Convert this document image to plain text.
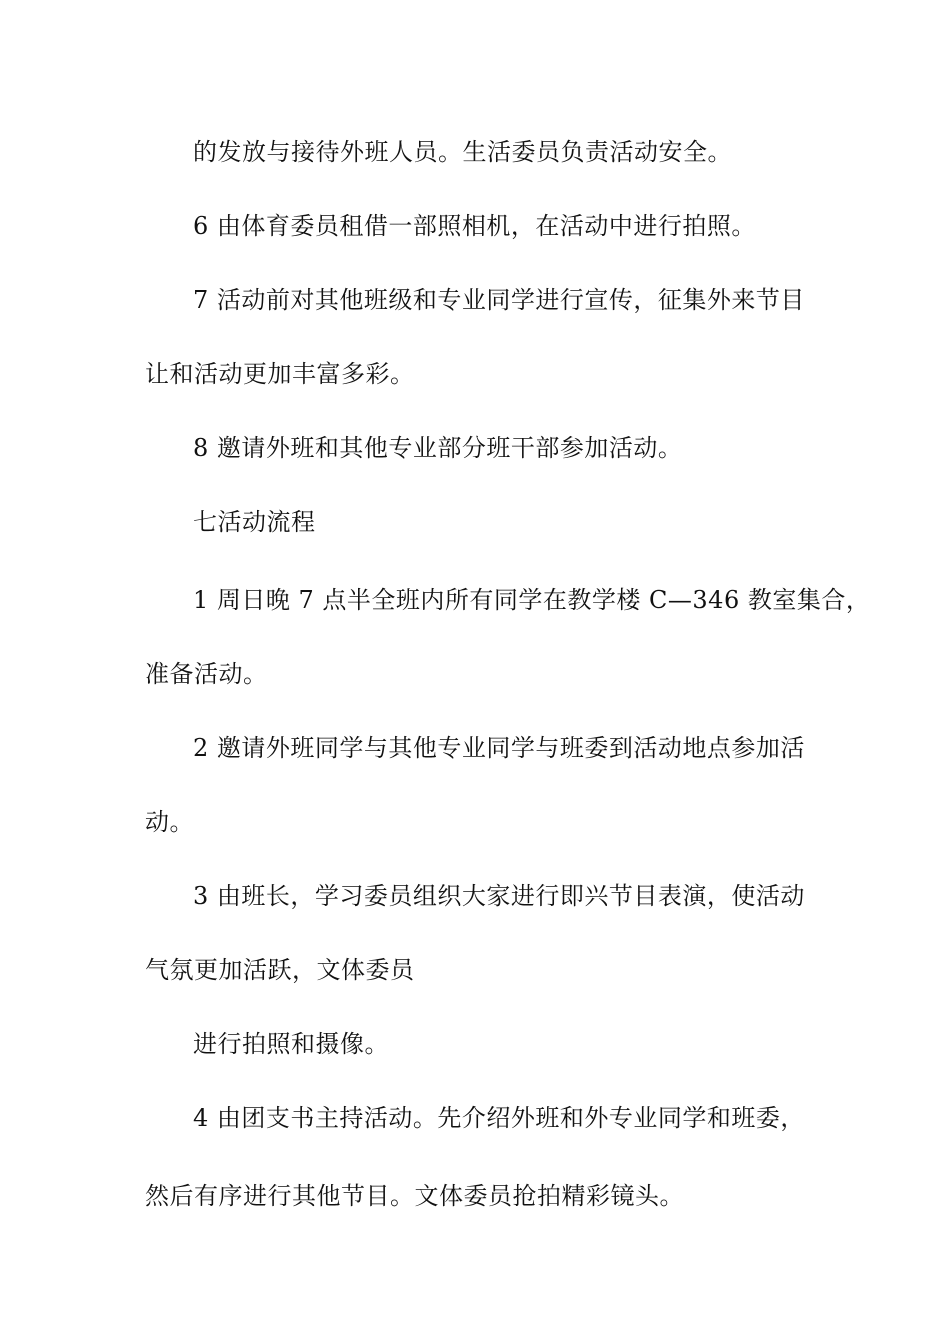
的发放与接待外班人员。生活委员负责活动安全。
6 由体育委员租借一部照相机，在活动中进行拍照。
7 活动前对其他班级和专业同学进行宣传，征集外来节目
让和活动更加丰富多彩。
8 邀请外班和其他专业部分班干部参加活动。
七活动流程
1 周日晚 7 点半全班内所有同学在教学楼 C—346 教室集合，
准备活动。
2 邀请外班同学与其他专业同学与班委到活动地点参加活
动。
3 由班长，学习委员组织大家进行即兴节目表演，使活动
气氛更加活跃，文体委员
进行拍照和摄像。
4 由团支书主持活动。先介绍外班和外专业同学和班委，
然后有序进行其他节目。文体委员抢拍精彩镜头。
